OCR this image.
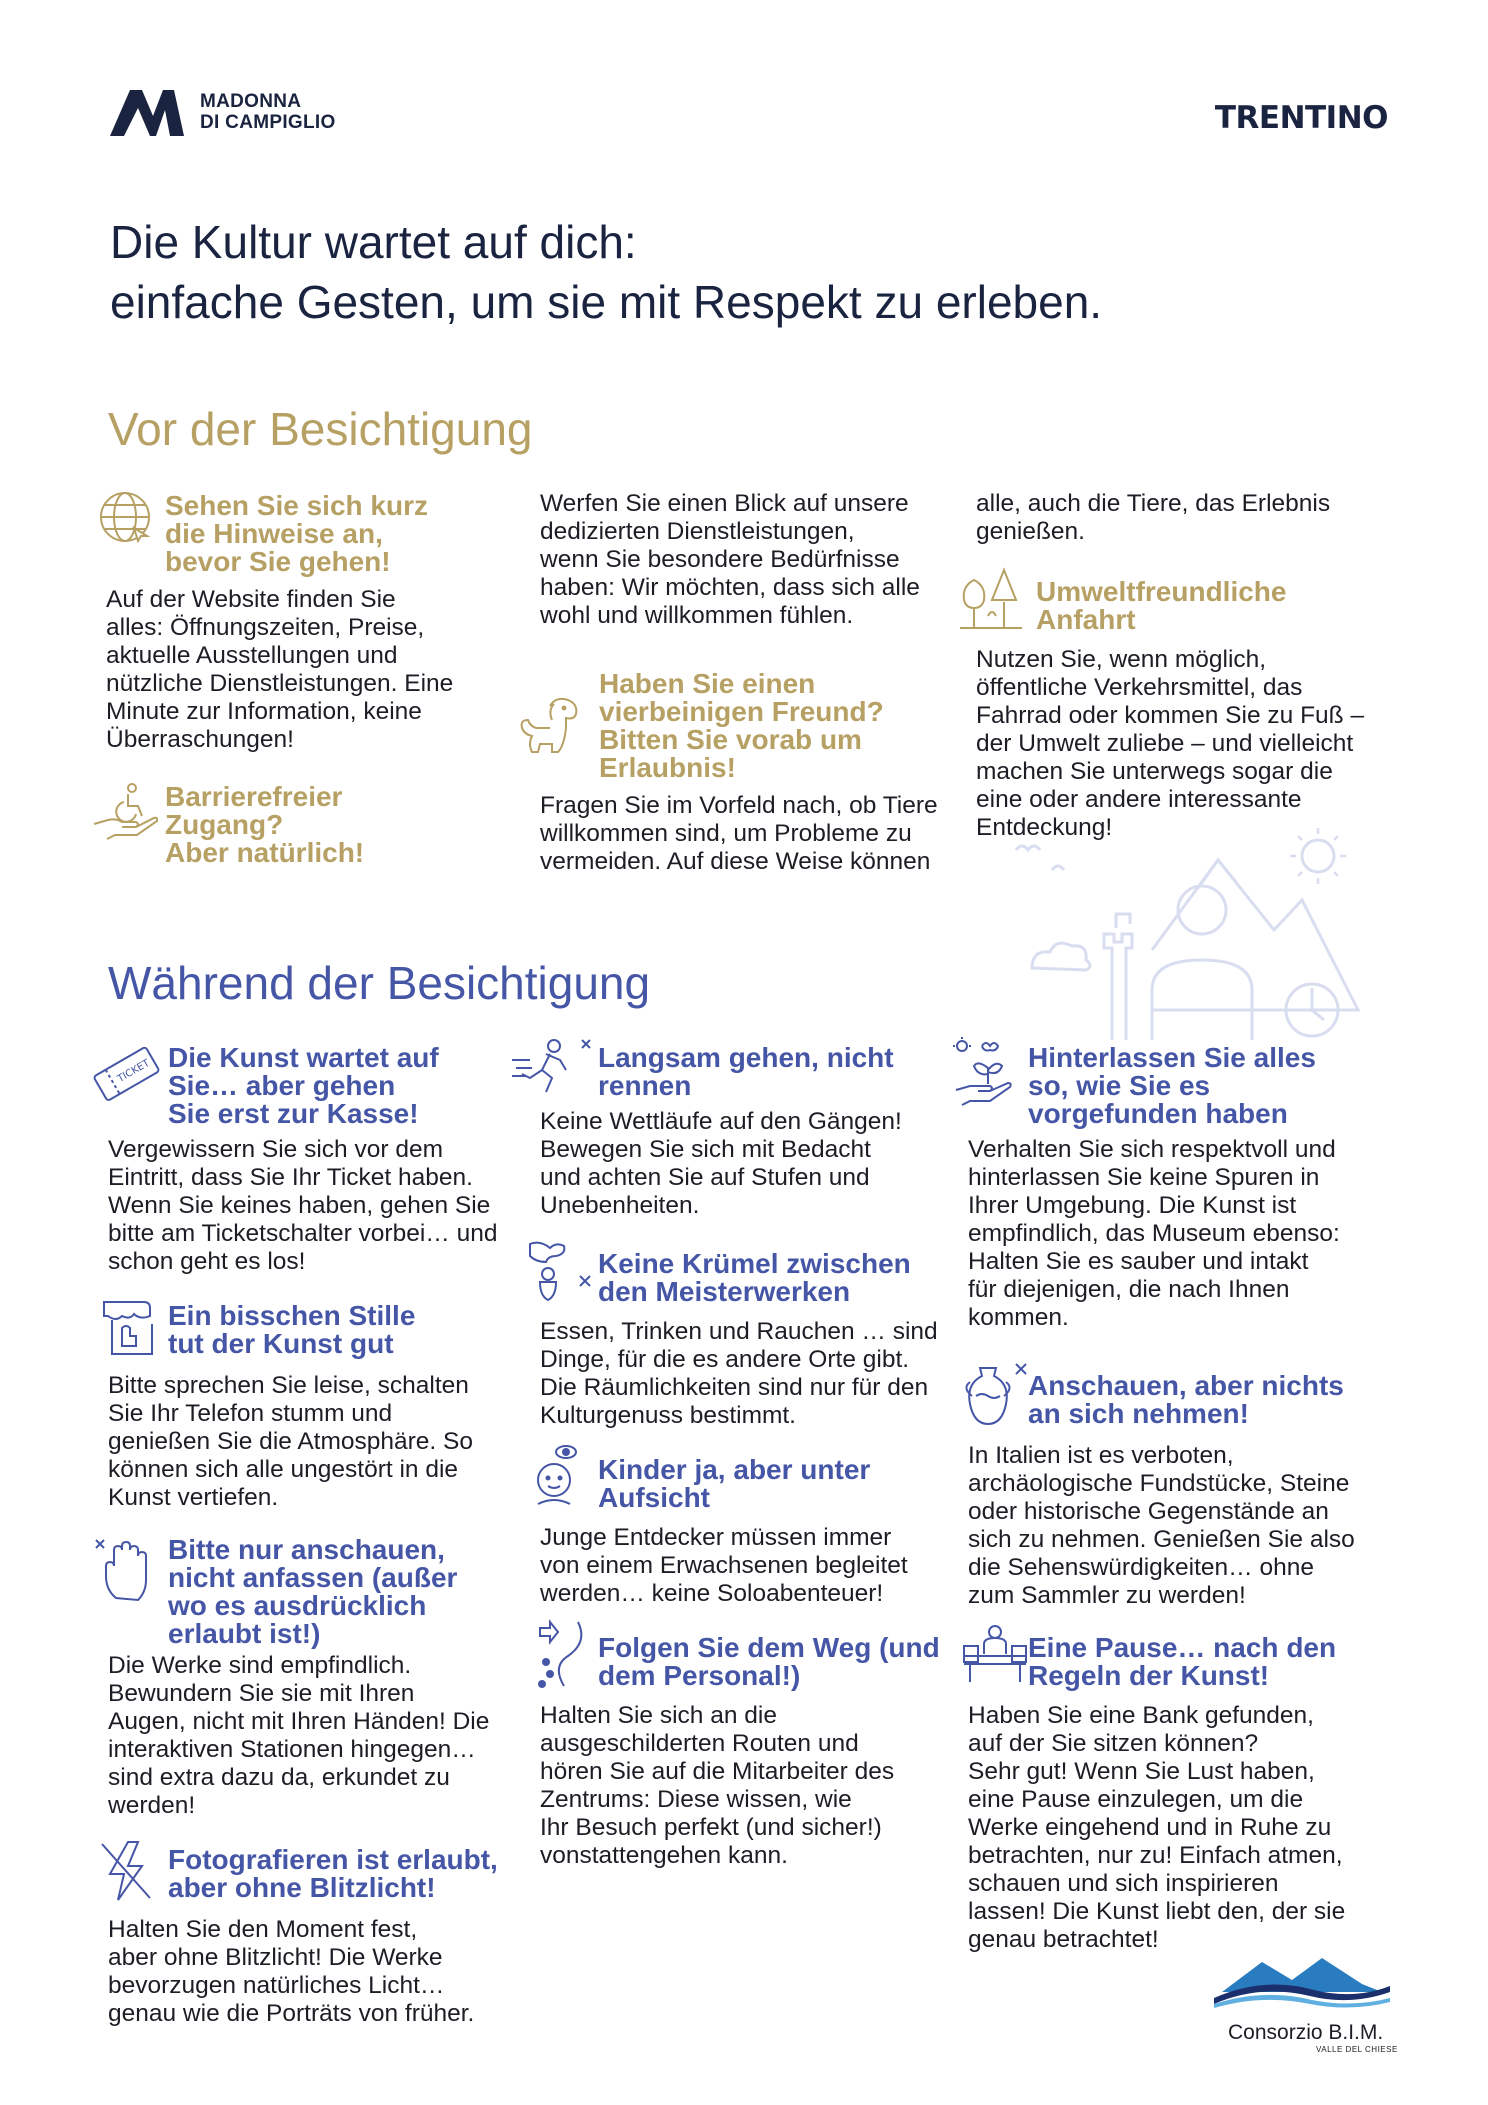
MADONNA
DI CAMPIGLIO	TRENTINO
Die Kultur wartet auf dich:
einfache Gesten, um sie mit Respekt zu erleben.
Vor der Besichtigung
Sehen Sie sich kurz
die Hinweise an,
bevor Sie gehen!
Auf der Website finden Sie
alles: Öffnungszeiten, Preise,
aktuelle Ausstellungen und
nützliche Dienstleistungen. Eine
Minute zur Information, keine
Überraschungen!
Barrierefreier
Zugang?
Aber natürlich!
Werfen Sie einen Blick auf unsere
dedizierten Dienstleistungen,
wenn Sie besondere Bedürfnisse
haben: Wir möchten, dass sich alle
wohl und willkommen fühlen.
Haben Sie einen
vierbeinigen Freund?
Bitten Sie vorab um
Erlaubnis!
Fragen Sie im Vorfeld nach, ob Tiere
willkommen sind, um Probleme zu
vermeiden. Auf diese Weise können
alle, auch die Tiere, das Erlebnis
genießen.
Umweltfreundliche
Anfahrt
Nutzen Sie, wenn möglich,
öffentliche Verkehrsmittel, das
Fahrrad oder kommen Sie zu Fuß –
der Umwelt zuliebe – und vielleicht
machen Sie unterwegs sogar die
eine oder andere interessante
Entdeckung!
Während der Besichtigung
TICKET Die Kunst wartet auf
Sie… aber gehen
Sie erst zur Kasse!
Vergewissern Sie sich vor dem
Eintritt, dass Sie Ihr Ticket haben.
Wenn Sie keines haben, gehen Sie
bitte am Ticketschalter vorbei… und
schon geht es los!
Ein bisschen Stille
tut der Kunst gut
Bitte sprechen Sie leise, schalten
Sie Ihr Telefon stumm und
genießen Sie die Atmosphäre. So
können sich alle ungestört in die
Kunst vertiefen.
Bitte nur anschauen,
nicht anfassen (außer
wo es ausdrücklich
erlaubt ist!)
Die Werke sind empfindlich.
Bewundern Sie sie mit Ihren
Augen, nicht mit Ihren Händen! Die
interaktiven Stationen hingegen…
sind extra dazu da, erkundet zu
werden!
Fotografieren ist erlaubt,
aber ohne Blitzlicht!
Halten Sie den Moment fest,
aber ohne Blitzlicht! Die Werke
bevorzugen natürliches Licht…
genau wie die Porträts von früher.
Langsam gehen, nicht
rennen
Keine Wettläufe auf den Gängen!
Bewegen Sie sich mit Bedacht
und achten Sie auf Stufen und
Unebenheiten.
Keine Krümel zwischen
den Meisterwerken
Essen, Trinken und Rauchen … sind
Dinge, für die es andere Orte gibt.
Die Räumlichkeiten sind nur für den
Kulturgenuss bestimmt.
Kinder ja, aber unter
Aufsicht
Junge Entdecker müssen immer
von einem Erwachsenen begleitet
werden… keine Soloabenteuer!
Folgen Sie dem Weg (und
dem Personal!)
Halten Sie sich an die
ausgeschilderten Routen und
hören Sie auf die Mitarbeiter des
Zentrums: Diese wissen, wie
Ihr Besuch perfekt (und sicher!)
vonstattengehen kann.
Hinterlassen Sie alles
so, wie Sie es
vorgefunden haben
Verhalten Sie sich respektvoll und
hinterlassen Sie keine Spuren in
Ihrer Umgebung. Die Kunst ist
empfindlich, das Museum ebenso:
Halten Sie es sauber und intakt
für diejenigen, die nach Ihnen
kommen.
Anschauen, aber nichts
an sich nehmen!
In Italien ist es verboten,
archäologische Fundstücke, Steine
oder historische Gegenstände an
sich zu nehmen. Genießen Sie also
die Sehenswürdigkeiten… ohne
zum Sammler zu werden!
Eine Pause… nach den
Regeln der Kunst!
Haben Sie eine Bank gefunden,
auf der Sie sitzen können?
Sehr gut! Wenn Sie Lust haben,
eine Pause einzulegen, um die
Werke eingehend und in Ruhe zu
betrachten, nur zu! Einfach atmen,
schauen und sich inspirieren
lassen! Die Kunst liebt den, der sie
genau betrachtet!
Consorzio B.I.M.
VALLE DEL CHIESE
